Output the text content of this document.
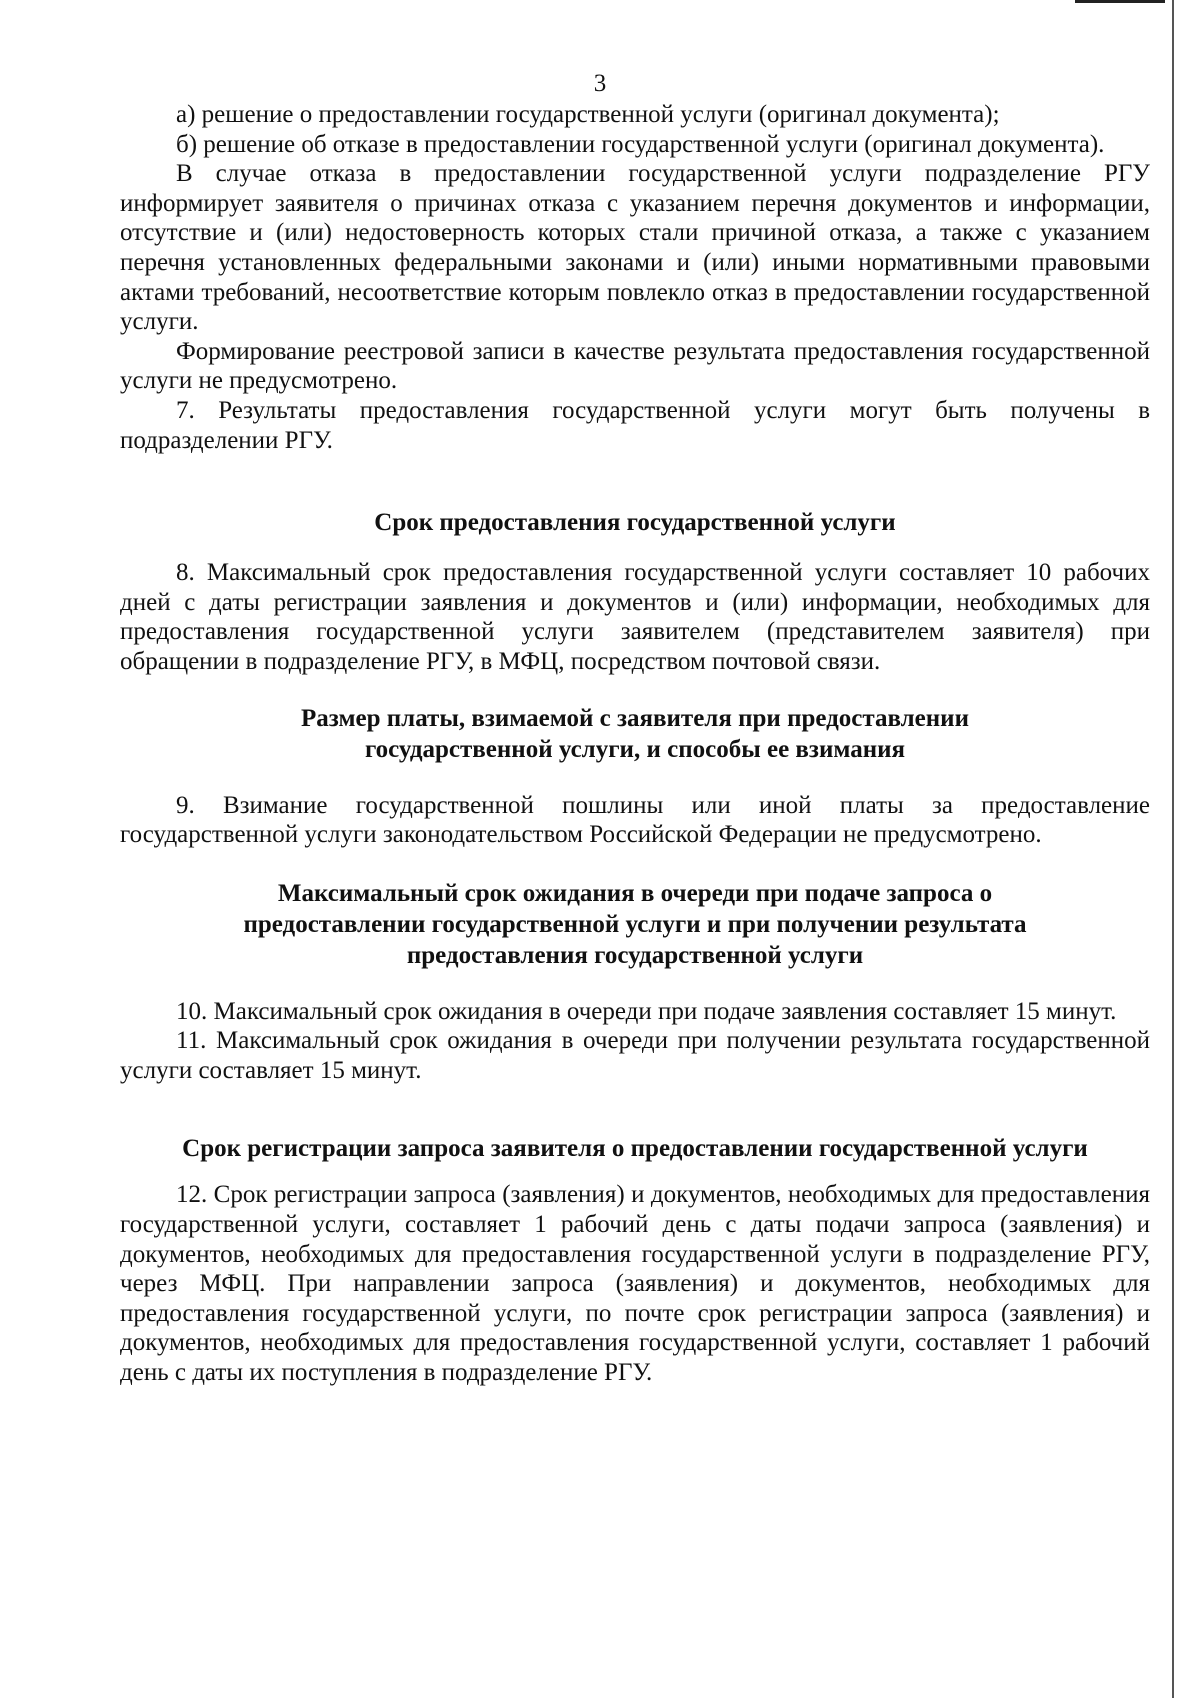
3

а) решение о предоставлении государственной услуги (оригинал документа);

б) решение об отказе в предоставлении государственной услуги (оригинал документа).

В случае отказа в предоставлении государственной услуги подразделение РГУ информирует заявителя о причинах отказа с указанием перечня документов и информации, отсутствие и (или) недостоверность которых стали причиной отказа, а также с указанием перечня установленных федеральными законами и (или) иными нормативными правовыми актами требований, несоответствие которым повлекло отказ в предоставлении государственной услуги.

Формирование реестровой записи в качестве результата предоставления государственной услуги не предусмотрено.

7. Результаты предоставления государственной услуги могут быть получены в подразделении РГУ.

Срок предоставления государственной услуги

8. Максимальный срок предоставления государственной услуги составляет 10 рабочих дней с даты регистрации заявления и документов и (или) информации, необходимых для предоставления государственной услуги заявителем (представителем заявителя) при обращении в подразделение РГУ, в МФЦ, посредством почтовой связи.

Размер платы, взимаемой с заявителя при предоставлении
государственной услуги, и способы ее взимания

9. Взимание государственной пошлины или иной платы за предоставление государственной услуги законодательством Российской Федерации не предусмотрено.

Максимальный срок ожидания в очереди при подаче запроса о
предоставлении государственной услуги и при получении результата
предоставления государственной услуги

10. Максимальный срок ожидания в очереди при подаче заявления составляет 15 минут.

11. Максимальный срок ожидания в очереди при получении результата государственной услуги составляет 15 минут.

Срок регистрации запроса заявителя о предоставлении государственной услуги

12. Срок регистрации запроса (заявления) и документов, необходимых для предоставления государственной услуги, составляет 1 рабочий день с даты подачи запроса (заявления) и документов, необходимых для предоставления государственной услуги в подразделение РГУ, через МФЦ. При направлении запроса (заявления) и документов, необходимых для предоставления государственной услуги, по почте срок регистрации запроса (заявления) и документов, необходимых для предоставления государственной услуги, составляет 1 рабочий день с даты их поступления в подразделение РГУ.
